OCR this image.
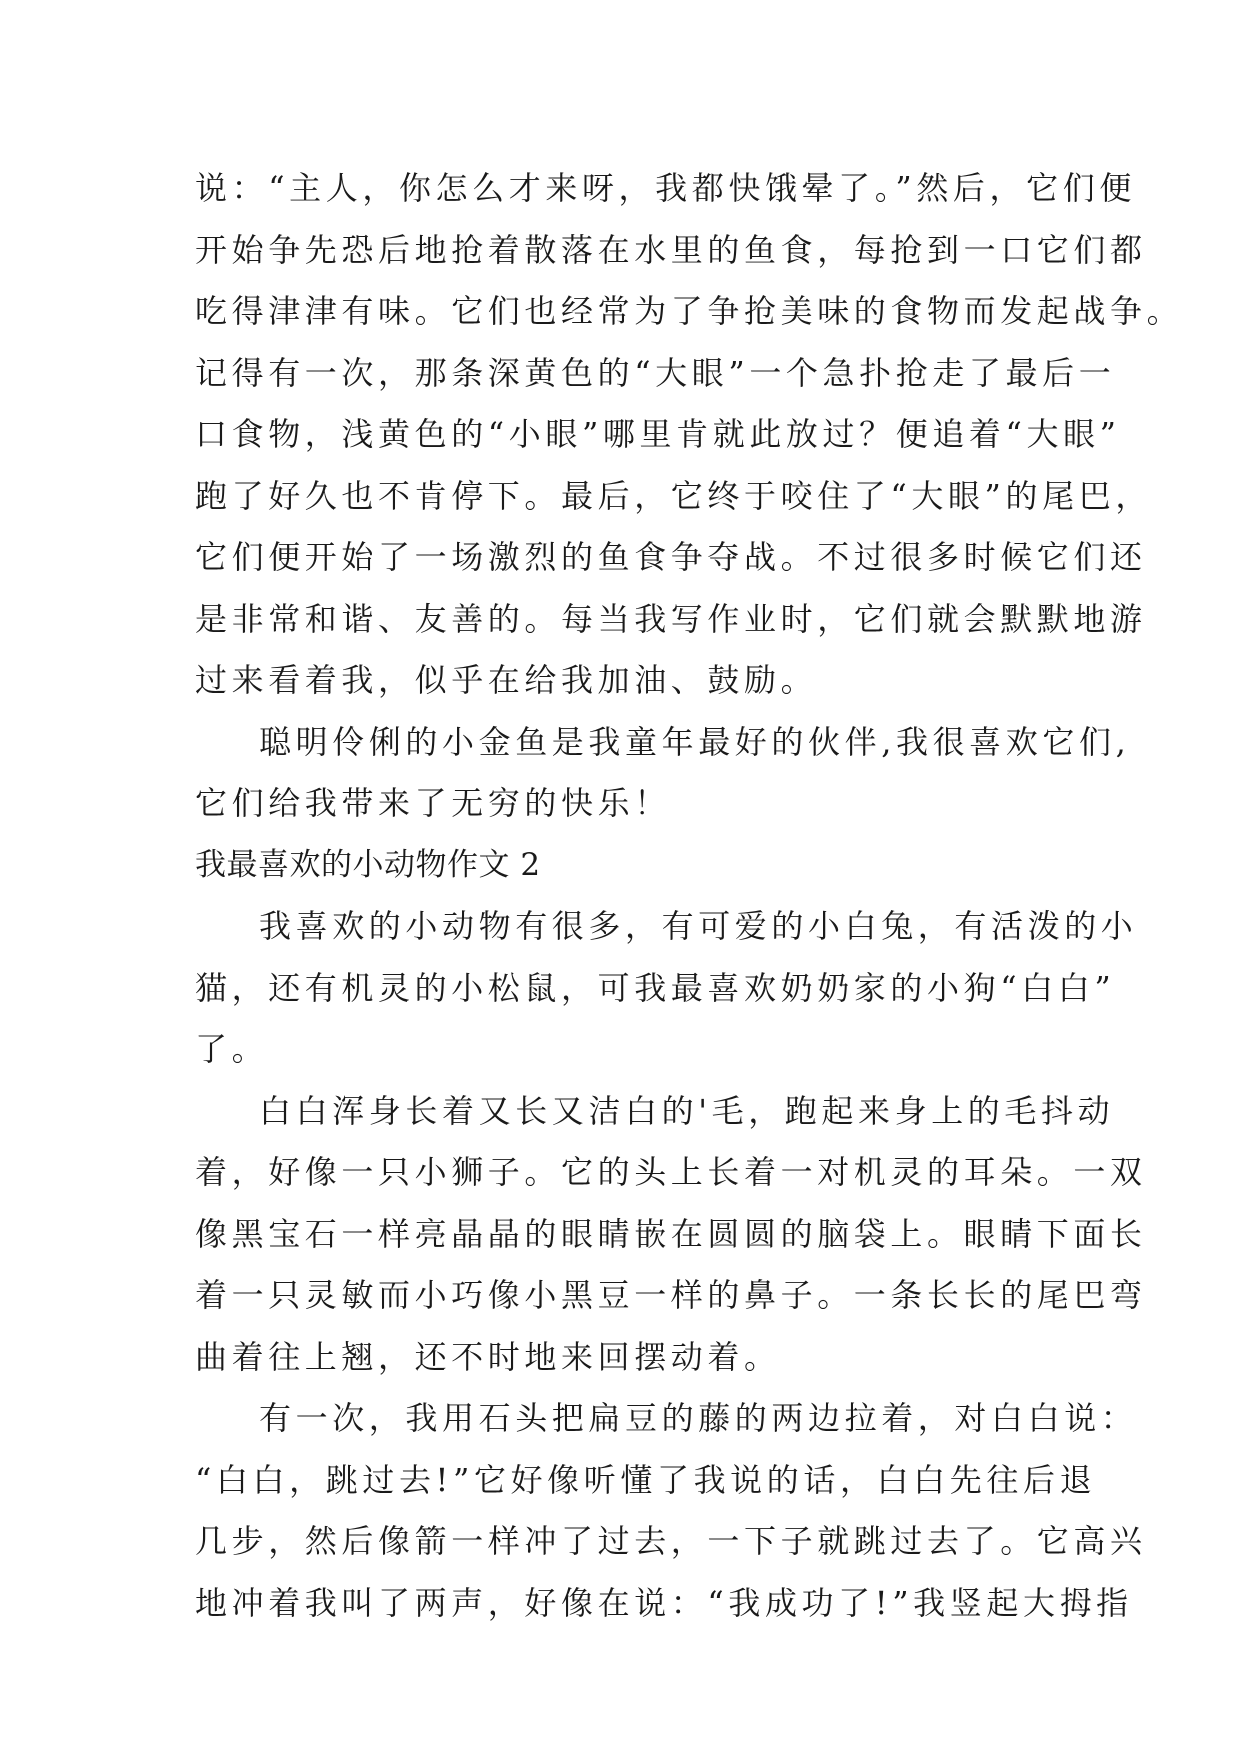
说：“主人，你怎么才来呀，我都快饿晕了。”然后，它们便
开始争先恐后地抢着散落在水里的鱼食，每抢到一口它们都
吃得津津有味。它们也经常为了争抢美味的食物而发起战争。
记得有一次，那条深黄色的“大眼”一个急扑抢走了最后一
口食物，浅黄色的“小眼”哪里肯就此放过？便追着“大眼”
跑了好久也不肯停下。最后，它终于咬住了“大眼”的尾巴，
它们便开始了一场激烈的鱼食争夺战。不过很多时候它们还
是非常和谐、友善的。每当我写作业时，它们就会默默地游
过来看着我，似乎在给我加油、鼓励。
聪明伶俐的小金鱼是我童年最好的伙伴,我很喜欢它们,
它们给我带来了无穷的快乐！
我最喜欢的小动物作文 2
我喜欢的小动物有很多，有可爱的小白兔，有活泼的小
猫，还有机灵的小松鼠，可我最喜欢奶奶家的小狗“白白”
了。
白白浑身长着又长又洁白的'毛，跑起来身上的毛抖动
着，好像一只小狮子。它的头上长着一对机灵的耳朵。一双
像黑宝石一样亮晶晶的眼睛嵌在圆圆的脑袋上。眼睛下面长
着一只灵敏而小巧像小黑豆一样的鼻子。一条长长的尾巴弯
曲着往上翘，还不时地来回摆动着。
有一次，我用石头把扁豆的藤的两边拉着，对白白说：
“白白，跳过去!”它好像听懂了我说的话，白白先往后退
几步，然后像箭一样冲了过去，一下子就跳过去了。它高兴
地冲着我叫了两声，好像在说：“我成功了!”我竖起大拇指
